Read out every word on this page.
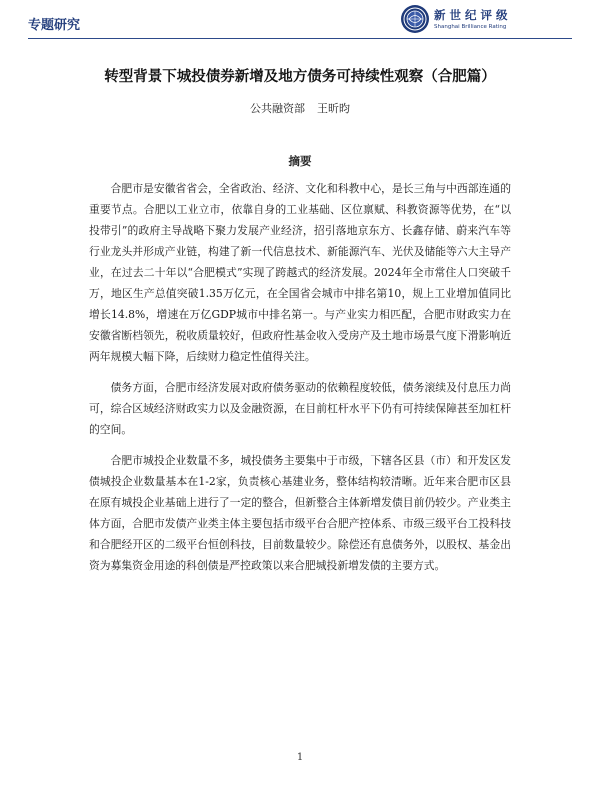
专题研究
新世纪评级
Shanghai Brilliance Rating
转型背景下城投债券新增及地方债务可持续性观察（合肥篇）
公共融资部 王昕昀
摘要

合肥市是安徽省省会，全省政治、经济、文化和科教中心，是长三角与中西部连通的重要节点。合肥以工业立市，依靠自身的工业基础、区位禀赋、科教资源等优势，在“以投带引”的政府主导战略下聚力发展产业经济，招引落地京东方、长鑫存储、蔚来汽车等行业龙头并形成产业链，构建了新一代信息技术、新能源汽车、光伏及储能等六大主导产业，在过去二十年以“合肥模式”实现了跨越式的经济发展。2024年全市常住人口突破千万，地区生产总值突破1.35万亿元，在全国省会城市中排名第10，规上工业增加值同比增长14.8%，增速在万亿GDP城市中排名第一。与产业实力相匹配，合肥市财政实力在安徽省断档领先，税收质量较好，但政府性基金收入受房产及土地市场景气度下滑影响近两年规模大幅下降，后续财力稳定性值得关注。

债务方面，合肥市经济发展对政府债务驱动的依赖程度较低，债务滚续及付息压力尚可，综合区域经济财政实力以及金融资源，在目前杠杆水平下仍有可持续保障甚至加杠杆的空间。

合肥市城投企业数量不多，城投债务主要集中于市级，下辖各区县（市）和开发区发债城投企业数量基本在1-2家，负责核心基建业务，整体结构较清晰。近年来合肥市区县在原有城投企业基础上进行了一定的整合，但新整合主体新增发债目前仍较少。产业类主体方面，合肥市发债产业类主体主要包括市级平台合肥产控体系、市级三级平台工投科技和合肥经开区的二级平台恒创科技，目前数量较少。除偿还有息债务外，以股权、基金出资为募集资金用途的科创债是严控政策以来合肥城投新增发债的主要方式。

1
